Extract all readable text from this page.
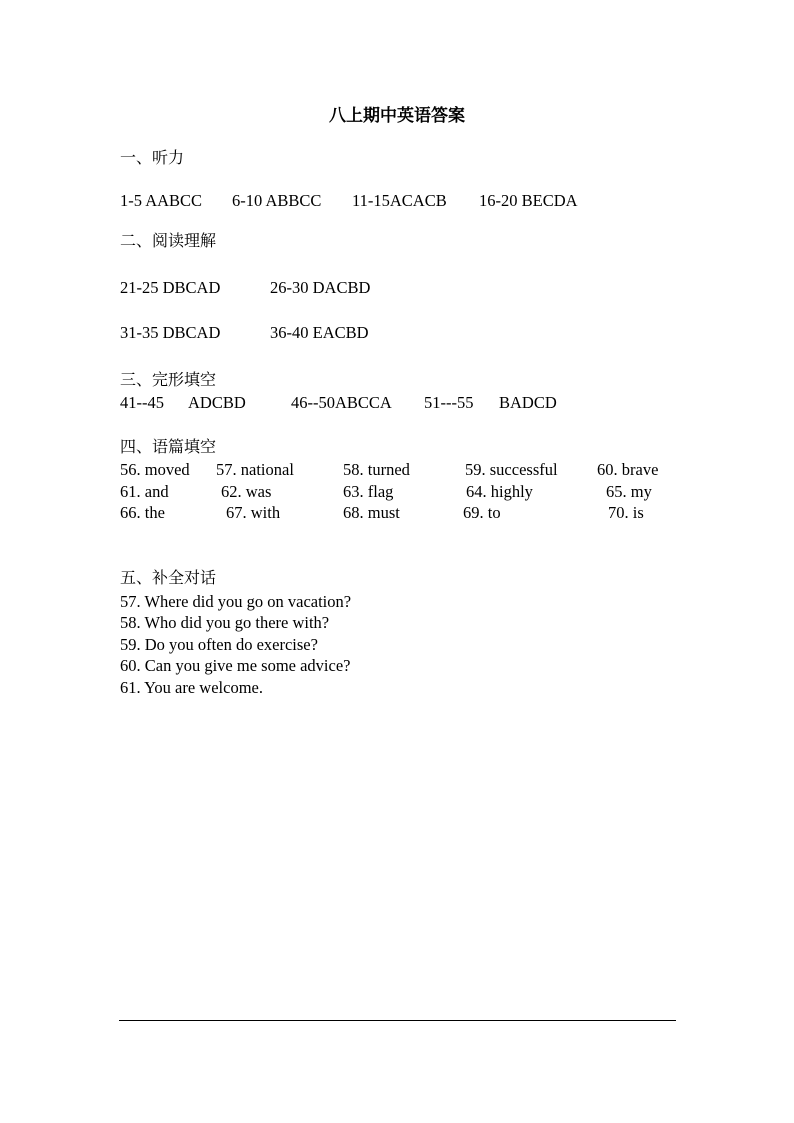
八上期中英语答案
一、听力
1-5 AABCC 6-10 ABBCC 11-15ACACB 16-20 BECDA
二、阅读理解
21-25 DBCAD	26-30 DACBD
31-35 DBCAD	36-40 EACBD
三、完形填空
41--45 ADCBD	46--50ABCCA 51---55 BADCD
四、语篇填空
56. moved 57. national	58. turned	59. successful 60. brave
61. and	62. was	63. flag	64. highly	65. my
66. the	67. with	68. must	69. to	70. is
五、补全对话
57. Where did you go on vacation?
58. Who did you go there with?
59. Do you often do exercise?
60. Can you give me some advice?
61. You are welcome.
